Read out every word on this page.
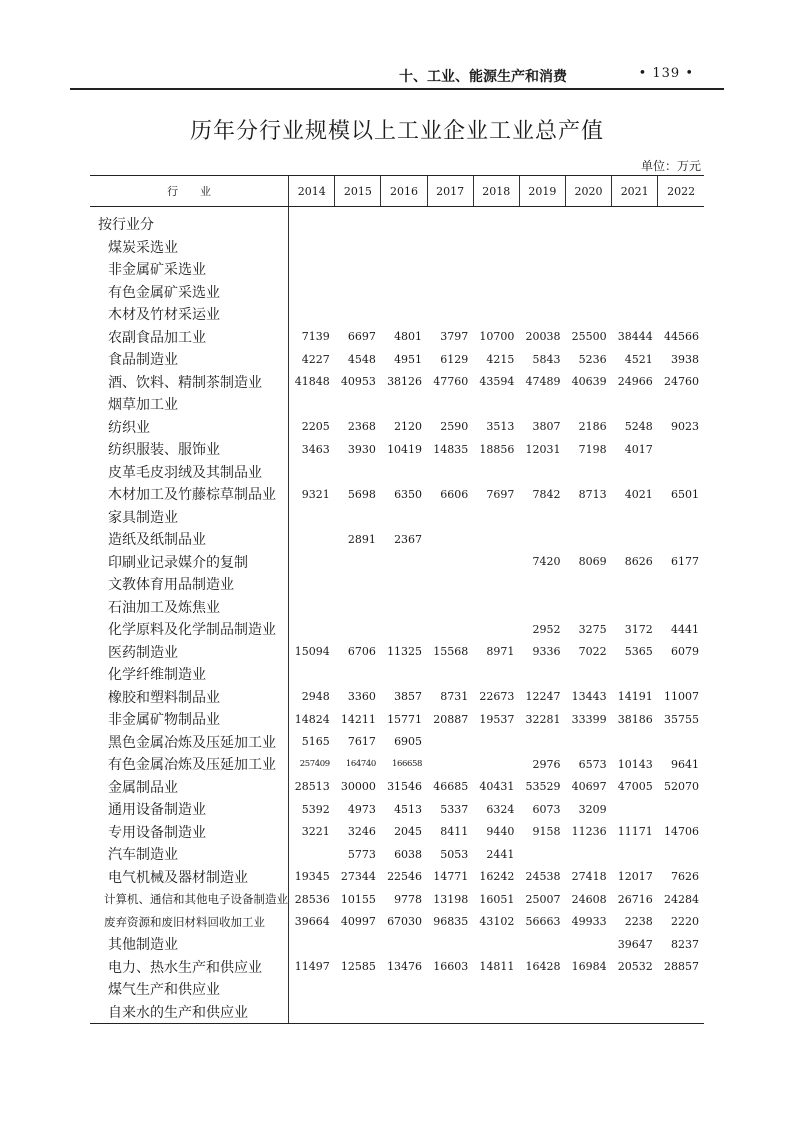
十、工业、能源生产和消费	• 139 •
历年分行业规模以上工业企业工业总产值
单位：万元
行　　业	2014	2015	2016	2017	2018	2019	2020	2021	2022

按行业分									
煤炭采选业									
非金属矿采选业									
有色金属矿采选业									
木材及竹材采运业									
农副食品加工业	7139	6697	4801	3797	10700	20038	25500	38444	44566
食品制造业	4227	4548	4951	6129	4215	5843	5236	4521	3938
酒、饮料、精制茶制造业	41848	40953	38126	47760	43594	47489	40639	24966	24760
烟草加工业									
纺织业	2205	2368	2120	2590	3513	3807	2186	5248	9023
纺织服装、服饰业	3463	3930	10419	14835	18856	12031	7198	4017	
皮革毛皮羽绒及其制品业									
木材加工及竹藤棕草制品业	9321	5698	6350	6606	7697	7842	8713	4021	6501
家具制造业									
造纸及纸制品业		2891	2367						
印刷业记录媒介的复制						7420	8069	8626	6177
文教体育用品制造业									
石油加工及炼焦业									
化学原料及化学制品制造业						2952	3275	3172	4441
医药制造业	15094	6706	11325	15568	8971	9336	7022	5365	6079
化学纤维制造业									
橡胶和塑料制品业	2948	3360	3857	8731	22673	12247	13443	14191	11007
非金属矿物制品业	14824	14211	15771	20887	19537	32281	33399	38186	35755
黑色金属冶炼及压延加工业	5165	7617	6905						
有色金属冶炼及压延加工业	257409	164740	166658			2976	6573	10143	9641
金属制品业	28513	30000	31546	46685	40431	53529	40697	47005	52070
通用设备制造业	5392	4973	4513	5337	6324	6073	3209		
专用设备制造业	3221	3246	2045	8411	9440	9158	11236	11171	14706
汽车制造业		5773	6038	5053	2441				
电气机械及器材制造业	19345	27344	22546	14771	16242	24538	27418	12017	7626
计算机、通信和其他电子设备制造业	28536	10155	9778	13198	16051	25007	24608	26716	24284
废弃资源和废旧材料回收加工业	39664	40997	67030	96835	43102	56663	49933	2238	2220
其他制造业								39647	8237
电力、热水生产和供应业	11497	12585	13476	16603	14811	16428	16984	20532	28857
煤气生产和供应业									
自来水的生产和供应业									
